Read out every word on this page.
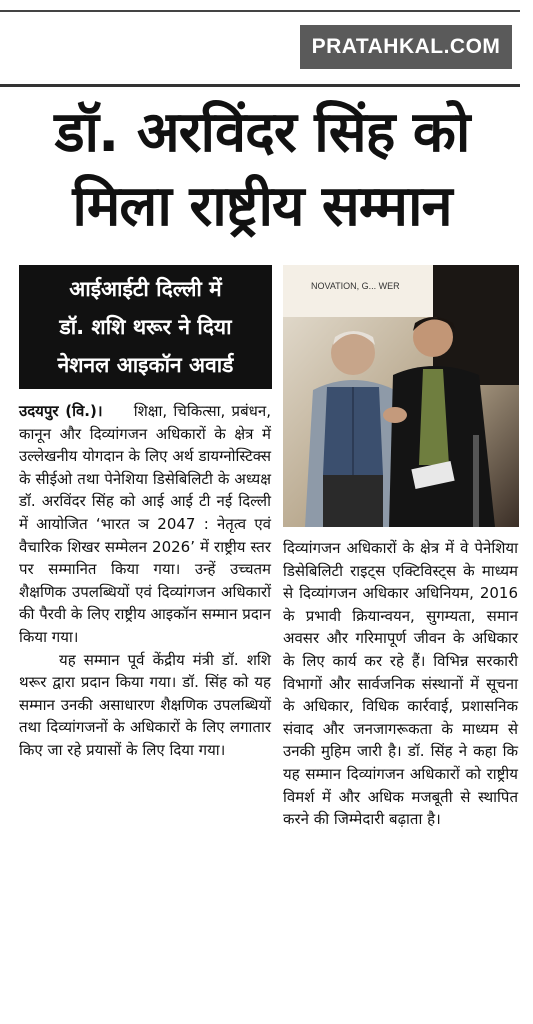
PRATAHKAL.COM
डॉ. अरविंदर सिंह को
मिला राष्ट्रीय सम्मान
आईआईटी दिल्ली में
डॉ. शशि थरूर ने दिया
नेशनल आइकॉन अवार्ड
NOVATION, G... WER

उदयपुर (वि.)। शिक्षा, चिकित्सा, प्रबंधन, कानून और दिव्यांगजन अधिकारों के क्षेत्र में उल्लेखनीय योगदान के लिए अर्थ डायग्नोस्टिक्स के सीईओ तथा पेनेशिया डिसेबिलिटी के अध्यक्ष डॉ. अरविंदर सिंह को आई आई टी नई दिल्ली में आयोजित ‘भारत ञ 2047 : नेतृत्व एवं वैचारिक शिखर सम्मेलन 2026’ में राष्ट्रीय स्तर पर सम्मानित किया गया। उन्हें उच्चतम शैक्षणिक उपलब्धियों एवं दिव्यांगजन अधिकारों की पैरवी के लिए राष्ट्रीय आइकॉन सम्मान प्रदान किया गया।

यह सम्मान पूर्व केंद्रीय मंत्री डॉ. शशि थरूर द्वारा प्रदान किया गया। डॉ. सिंह को यह सम्मान उनकी असाधारण शैक्षणिक उपलब्धियों तथा दिव्यांगजनों के अधिकारों के लिए लगातार किए जा रहे प्रयासों के लिए दिया गया।

दिव्यांगजन अधिकारों के क्षेत्र में वे पेनेशिया डिसेबिलिटी राइट्स एक्टिविस्ट्स के माध्यम से दिव्यांगजन अधिकार अधिनियम, 2016 के प्रभावी क्रियान्वयन, सुगम्यता, समान अवसर और गरिमापूर्ण जीवन के अधिकार के लिए कार्य कर रहे हैं। विभिन्न सरकारी विभागों और सार्वजनिक संस्थानों में सूचना के अधिकार, विधिक कार्रवाई, प्रशासनिक संवाद और जनजागरूकता के माध्यम से उनकी मुहिम जारी है। डॉ. सिंह ने कहा कि यह सम्मान दिव्यांगजन अधिकारों को राष्ट्रीय विमर्श में और अधिक मजबूती से स्थापित करने की जिम्मेदारी बढ़ाता है।
